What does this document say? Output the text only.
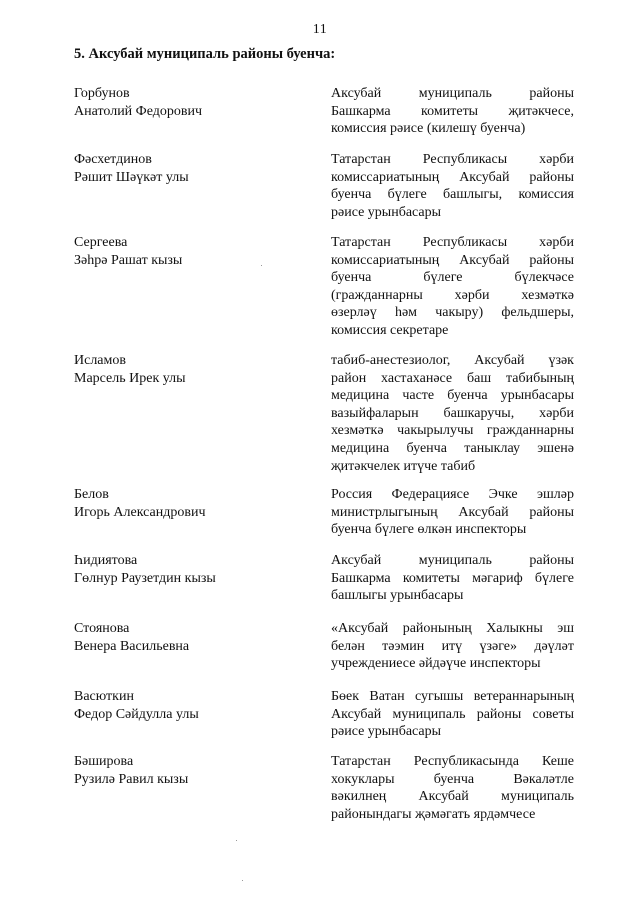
11
5. Аксубай муниципаль районы буенча:
Горбунов
Анатолий Федорович
Аксубай муниципаль районы
Башкарма комитеты җитәкчесе,
комиссия рәисе (килешү буенча)
Фәсхетдинов
Рәшит Шәүкәт улы
Татарстан Республикасы хәрби
комиссариатының Аксубай районы
буенча бүлеге башлыгы, комиссия
рәисе урынбасары
Сергеева
Зәһрә Рашат кызы
Татарстан Республикасы хәрби
комиссариатының Аксубай районы
буенча бүлеге бүлекчәсе
(гражданнарны хәрби хезмәткә
өзерләү һәм чакыру) фельдшеры,
комиссия секретаре
Исламов
Марсель Ирек улы
табиб-анестезиолог, Аксубай үзәк
район хастаханәсе баш табибының
медицина часте буенча урынбасары
вазыйфаларын башкаручы, хәрби
хезмәткә чакырылучы гражданнарны
медицина буенча таныклау эшенә
җитәкчелек итүче табиб
Белов
Игорь Александрович
Россия Федерациясе Эчке эшләр
министрлыгының Аксубай районы
буенча бүлеге өлкән инспекторы
Һидиятова
Гөлнур Раузетдин кызы
Аксубай муниципаль районы
Башкарма комитеты мәгариф бүлеге
башлыгы урынбасары
Стоянова
Венера Васильевна
«Аксубай районының Халыкны эш
белән тәэмин итү үзәге» дәүләт
учреждениесе әйдәүче инспекторы
Васюткин
Федор Сәйдулла улы
Бөек Ватан сугышы ветераннарының
Аксубай муниципаль районы советы
рәисе урынбасары
Бәширова
Рузилә Равил кызы
Татарстан Республикасында Кеше
хокуклары буенча Вәкаләтле
вәкилнең Аксубай муниципаль
районындагы җәмәгать ярдәмчесе
